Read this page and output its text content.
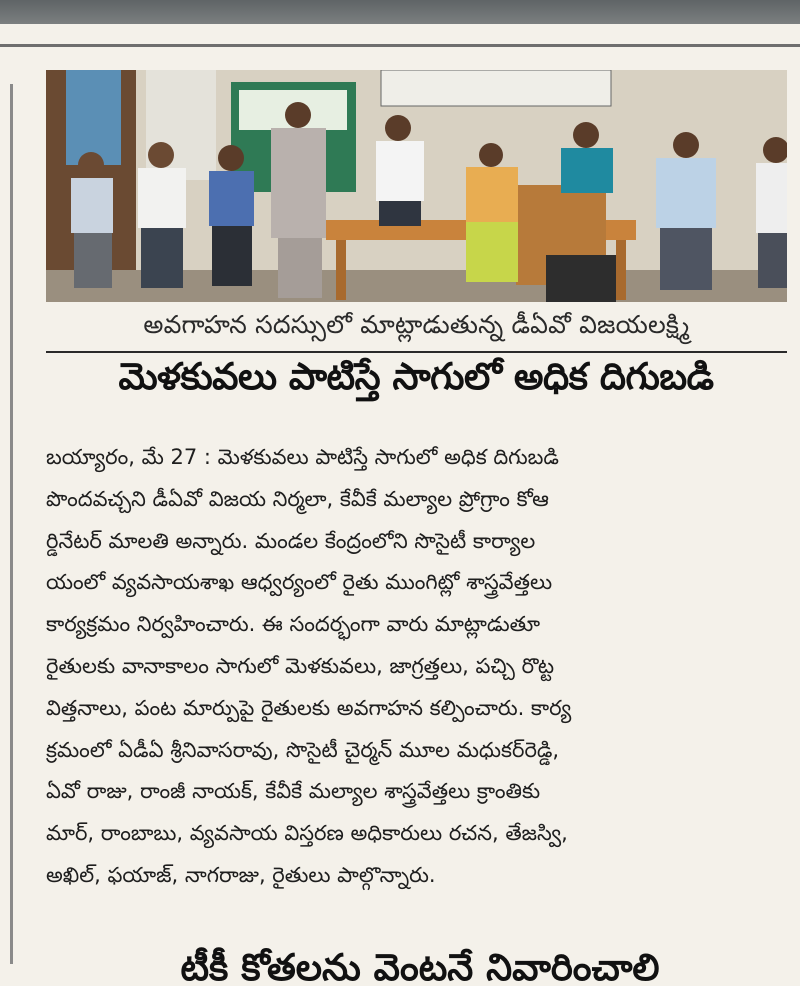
అవగాహన సదస్సులో మాట్లాడుతున్న డీఏవో విజయలక్ష్మి
మెళకువలు పాటిస్తే సాగులో అధిక దిగుబడి
బయ్యారం, మే 27 : మెళకువలు పాటిస్తే సాగులో అధిక దిగుబడి
పొందవచ్చని డీఏవో విజయ నిర్మలా, కేవీకే మల్యాల ప్రోగ్రాం కోఆ
ర్డినేటర్ మాలతి అన్నారు. మండల కేంద్రంలోని సొసైటీ కార్యాల
యంలో వ్యవసాయశాఖ ఆధ్వర్యంలో రైతు ముంగిట్లో శాస్త్రవేత్తలు
కార్యక్రమం నిర్వహించారు. ఈ సందర్భంగా వారు మాట్లాడుతూ
రైతులకు వానాకాలం సాగులో మెళకువలు, జాగ్రత్తలు, పచ్చి రొట్ట
విత్తనాలు, పంట మార్పుపై రైతులకు అవగాహన కల్పించారు. కార్య
క్రమంలో ఏడీఏ శ్రీనివాసరావు, సొసైటీ చైర్మన్ మూల మధుకర్‌రెడ్డి,
ఏవో రాజు, రాంజీ నాయక్, కేవీకే మల్యాల శాస్త్రవేత్తలు క్రాంతికు
మార్, రాంబాబు, వ్యవసాయ విస్తరణ అధికారులు రచన, తేజస్వి,
అఖిల్, ఫయాజ్, నాగరాజు, రైతులు పాల్గొన్నారు.
టీకీ కోతలను వెంటనే నివారించాలి
